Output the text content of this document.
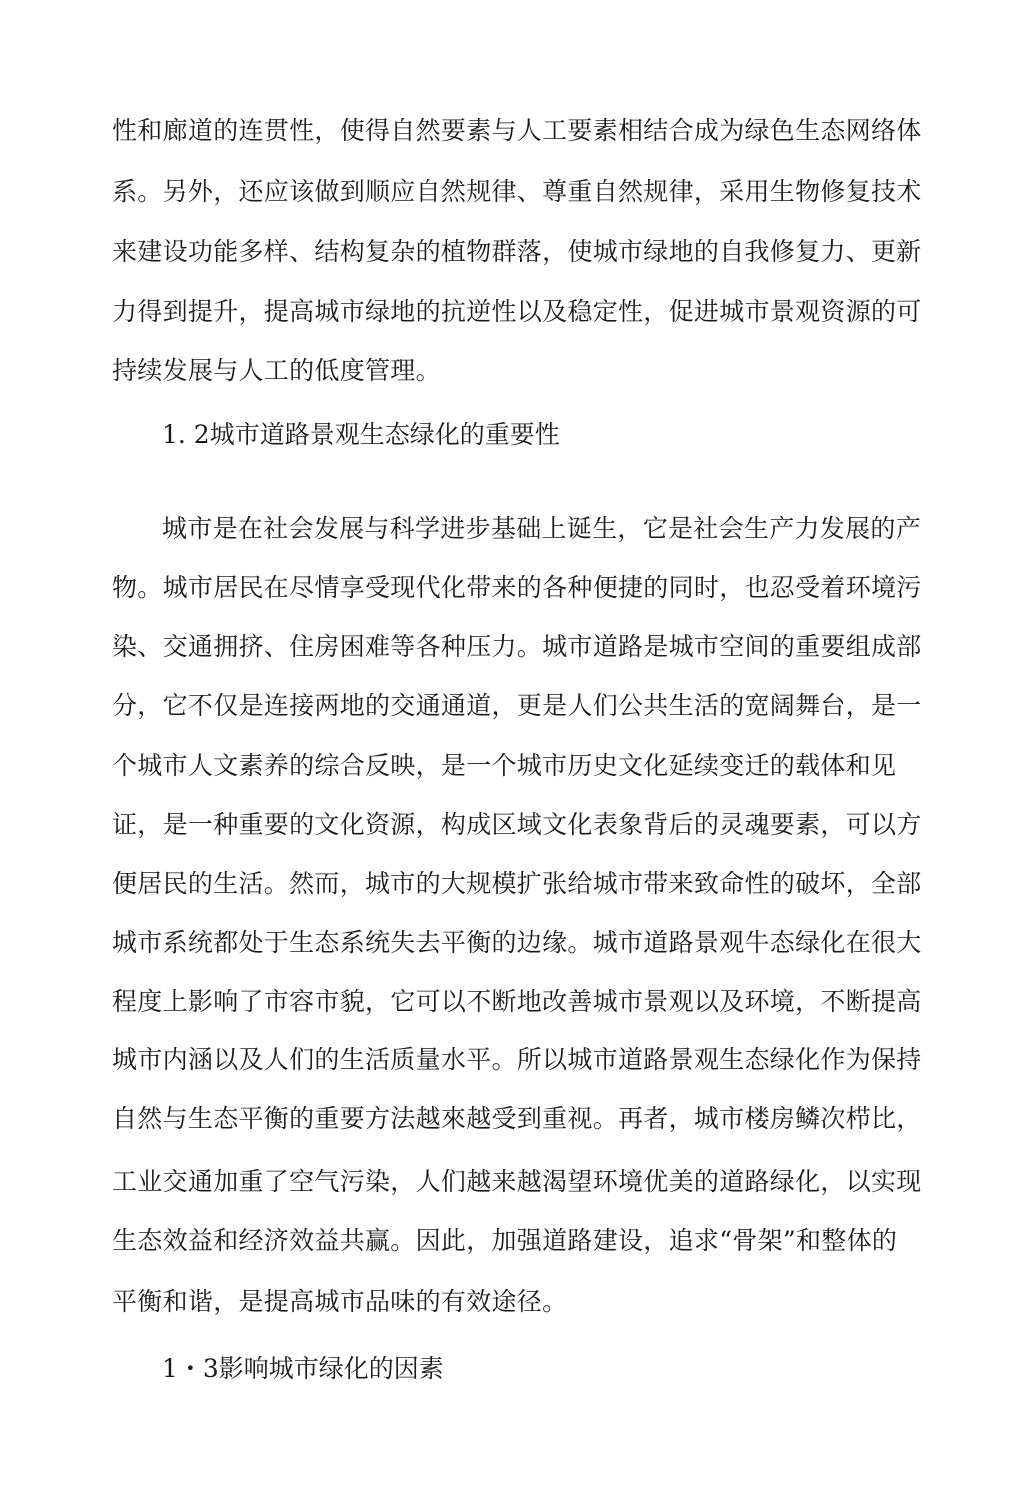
性和廊道的连贯性，使得自然要素与人工要素相结合成为绿色生态网络体
系。另外，还应该做到顺应自然规律、尊重自然规律，采用生物修复技术
来建设功能多样、结构复杂的植物群落，使城市绿地的自我修复力、更新
力得到提升，提高城市绿地的抗逆性以及稳定性，促进城市景观资源的可
持续发展与人工的低度管理。
1. 2城市道路景观生态绿化的重要性
城市是在社会发展与科学进步基础上诞生，它是社会生产力发展的产
物。城市居民在尽情享受现代化带来的各种便捷的同时，也忍受着环境污
染、交通拥挤、住房困难等各种压力。城市道路是城市空间的重要组成部
分，它不仅是连接两地的交通通道，更是人们公共生活的宽阔舞台，是一
个城市人文素养的综合反映，是一个城市历史文化延续变迁的载体和见
证，是一种重要的文化资源，构成区域文化表象背后的灵魂要素，可以方
便居民的生活。然而，城市的大规模扩张给城市带来致命性的破坏，全部
城市系统都处于生态系统失去平衡的边缘。城市道路景观牛态绿化在很大
程度上影响了市容市貌，它可以不断地改善城市景观以及环境，不断提高
城市内涵以及人们的生活质量水平。所以城市道路景观生态绿化作为保持
自然与生态平衡的重要方法越來越受到重视。再者，城市楼房鳞次栉比，
工业交通加重了空气污染，人们越来越渴望环境优美的道路绿化，以实现
生态效益和经济效益共赢。因此，加强道路建设，追求“骨架”和整体的
平衡和谐，是提高城市品味的有效途径。
1・3影响城市绿化的因素
